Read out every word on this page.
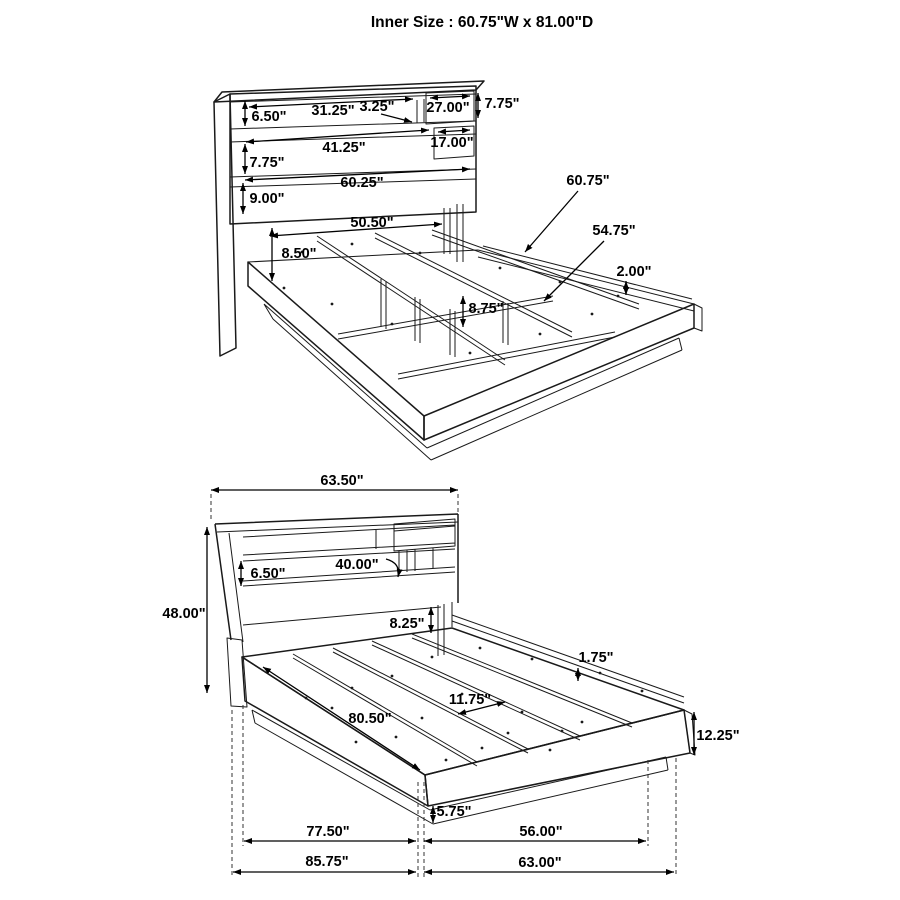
Inner Size : 60.75"W x 81.00"D
6.50" 31.25" 3.25" 27.00" 7.75"
41.25"	17.00"
7.75"
60.25"
9.00"
50.50"
8.50"
8.75"
60.75"
54.75"
2.00"
63.50"
48.00"
6.50"
40.00"
8.25"
1.75"
11.75"
80.50"
12.25"
5.75"
77.50"	56.00"
85.75"	63.00"
